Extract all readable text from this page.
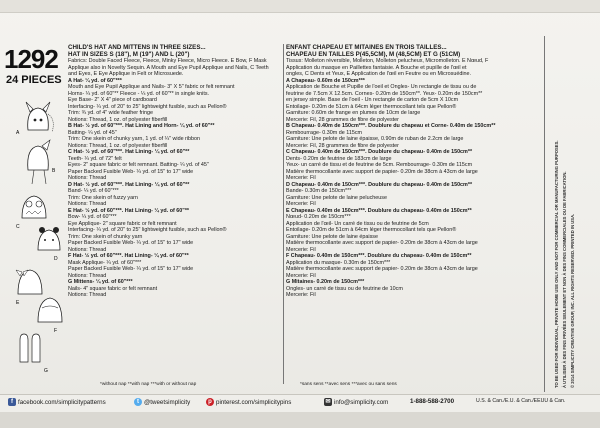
1292
24 PIECES
A
B
C
D
E
F
G
CHILD'S HAT AND MITTENS IN THREE SIZES...
HAT IN SIZES S (18"), M (19") AND L (20")
Fabrics: Double Faced Fleece, Fleece, Minky Fleece, Micro Fleece. E Bow, F Mask
Applique also in Novelty Sequin. A Mouth and Eye Pupil Applique and Nails, C Teeth
and Eyes, E Eye Applique in Felt or Microsuede.
A Hat- ¼ yd. of 60"***
Mouth and Eye Pupil Applique and Nails- 3" X 5" fabric or felt remnant
Horns- ¼ yd. of 60"** Fleece - ¼ yd. of 60"** in single knits.
Eye Base- 2" X 4" piece of cardboard
Interfacing- ¼ yd. of 20" to 25" lightweight fusible, such as Pellon®
Trim: ¾ yd. of 4" wide feather fringe
Notions: Thread, 1 oz. of polyester fiberfill
B Hat- ½ yd. of 60"***. Hat Lining and Horn- ¼ yd. of 60"**
Batting- ¼ yd. of 45"
Trim: One skein of chunky yarn, 1 yd. of ¼" wide ribbon
Notions: Thread, 1 oz. of polyester fiberfill
C Hat- ½ yd. of 60"***. Hat Lining- ¼ yd. of 60"**
Teeth- ¼ yd. of 72" felt
Eyes- 2" square fabric or felt remnant. Batting- ¼ yd. of 45"
Paper Backed Fusible Web- ¼ yd. of 15" to 17" wide
Notions: Thread
D Hat- ½ yd. of 60"***. Hat Lining- ¼ yd. of 60"**
Band- ¼ yd. of 60"***
Trim: One skein of fuzzy yarn
Notions: Thread
E Hat- ½ yd. of 60"***. Hat Lining- ¼ yd. of 60"**
Bow- ¼ yd. of 60"***
Eye Applique- 2" square fabric or felt remnant
Interfacing- ¼ yd. of 20" to 25" lightweight fusible, such as Pellon®
Trim: One skein of chunky yarn
Paper Backed Fusible Web- ¼ yd. of 15" to 17" wide
Notions: Thread
F Hat- ½ yd. of 60"***. Hat Lining- ¼ yd. of 60"**
Mask Applique- ¼ yd. of 60"***
Paper Backed Fusible Web- ¼ yd. of 15" to 17" wide
Notions: Thread
G Mittens- ¼ yd. of 60"***
Nails- 4" square fabric or felt remnant
Notions: Thread
ENFANT CHAPEAU ET MITAINES EN TROIS TAILLES...
CHAPEAU EN TAILLES P(45,5CM), M (48,5CM) ET G (51CM)
Tissus: Molleton réversible, Molleton, Molleton pelucheux, Micromolleton. E Nœud, F
Application du masque en Paillettes fantaisie. A Bouche et pupille de l'œil et
ongles, C Dents et Yeux, E Application de l'œil en Feutre ou en Microsuédine.
A Chapeau- 0.60m de 150cm***
Application de Bouche et Pupille de l'oeil et Ongles- Un rectangle de tissu ou de
feutrine de 7.5cm X 12.5cm. Cornes- 0.20m de 150cm**. Yeux- 0.20m de 150cm**
en jersey simple. Base de l'oeil - Un rectangle de carton de 5cm X 10cm
Entoilage- 0.20m de 51cm à 64cm léger thermocollant tels que Pellon®
Garniture: 0.60m de frange en plumes de 10cm de large
Mercerie: Fil, 28 grammes de fibre de polyester
B Chapeau- 0.40m de 150cm***. Doublure du chapeau et Corne- 0.40m de 150cm**
Rembourrage- 0.30m de 115cm
Garniture: Une pelote de laine épaisse, 0.90m de ruban de 2.2cm de large
Mercerie: Fil, 28 grammes de fibre de polyester
C Chapeau- 0.40m de 150cm***. Doublure du chapeau- 0.40m de 150cm**
Dents- 0.20m de feutrine de 183cm de large
Yeux- un carré de tissu et de feutrine de 5cm. Rembourrage- 0.30m de 115cm
Matière thermocollante avec support de papier- 0.20m de 38cm à 43cm de large
Mercerie: Fil
D Chapeau- 0.40m de 150cm***. Doublure du chapeau- 0.40m de 150cm**
Bande- 0.30m de 150cm***
Garniture: Une pelote de laine pelucheuse
Mercerie: Fil
E Chapeau- 0.40m de 150cm***. Doublure du chapeau- 0.40m de 150cm**
Nœud- 0.20m de 150cm***
Application de l'œil- Un carré de tissu ou de feutrine de 5cm
Entoilage- 0.20m de 51cm à 64cm léger thermocollant tels que Pellon®
Garniture: Une pelote de laine épaisse
Matière thermocollante avec support de papier- 0.20m de 38cm à 43cm de large
Mercerie: Fil
F Chapeau- 0.40m de 150cm***. Doublure du chapeau- 0.40m de 150cm**
Application du masque- 0.30m de 150cm***
Matière thermocollante avec support de papier- 0.20m de 38cm à 43cm de large
Mercerie: Fil
G Mitaines- 0.20m de 150cm***
Ongles- un carré de tissu ou de feutrine de 10cm
Mercerie: Fil
*without nap **with nap ***with or without nap	*sans sens **avec sens ***avec ou sans sens	TO BE USED FOR INDIVIDUAL, PRIVATE HOME USE ONLY AND NOT FOR COMMERCIAL OR MANUFACTURING PURPOSES. À UTILISER À DES FINS PRIVÉES SEULEMENT ET NON À DES FINS COMMERCIALES OU DE FABRICATION. © 2014 SIMPLICITY CREATIVE GROUP, INC. ALL RIGHTS RESERVED. PRINTED IN USA.
f facebook.com/simplicitypatterns	t @tweetsimplicity	p pinterest.com/simplicitypins	✉ info@simplicity.com	1-888-588-2700	U.S. & Can./E.U. & Can./EEUU & Can.
